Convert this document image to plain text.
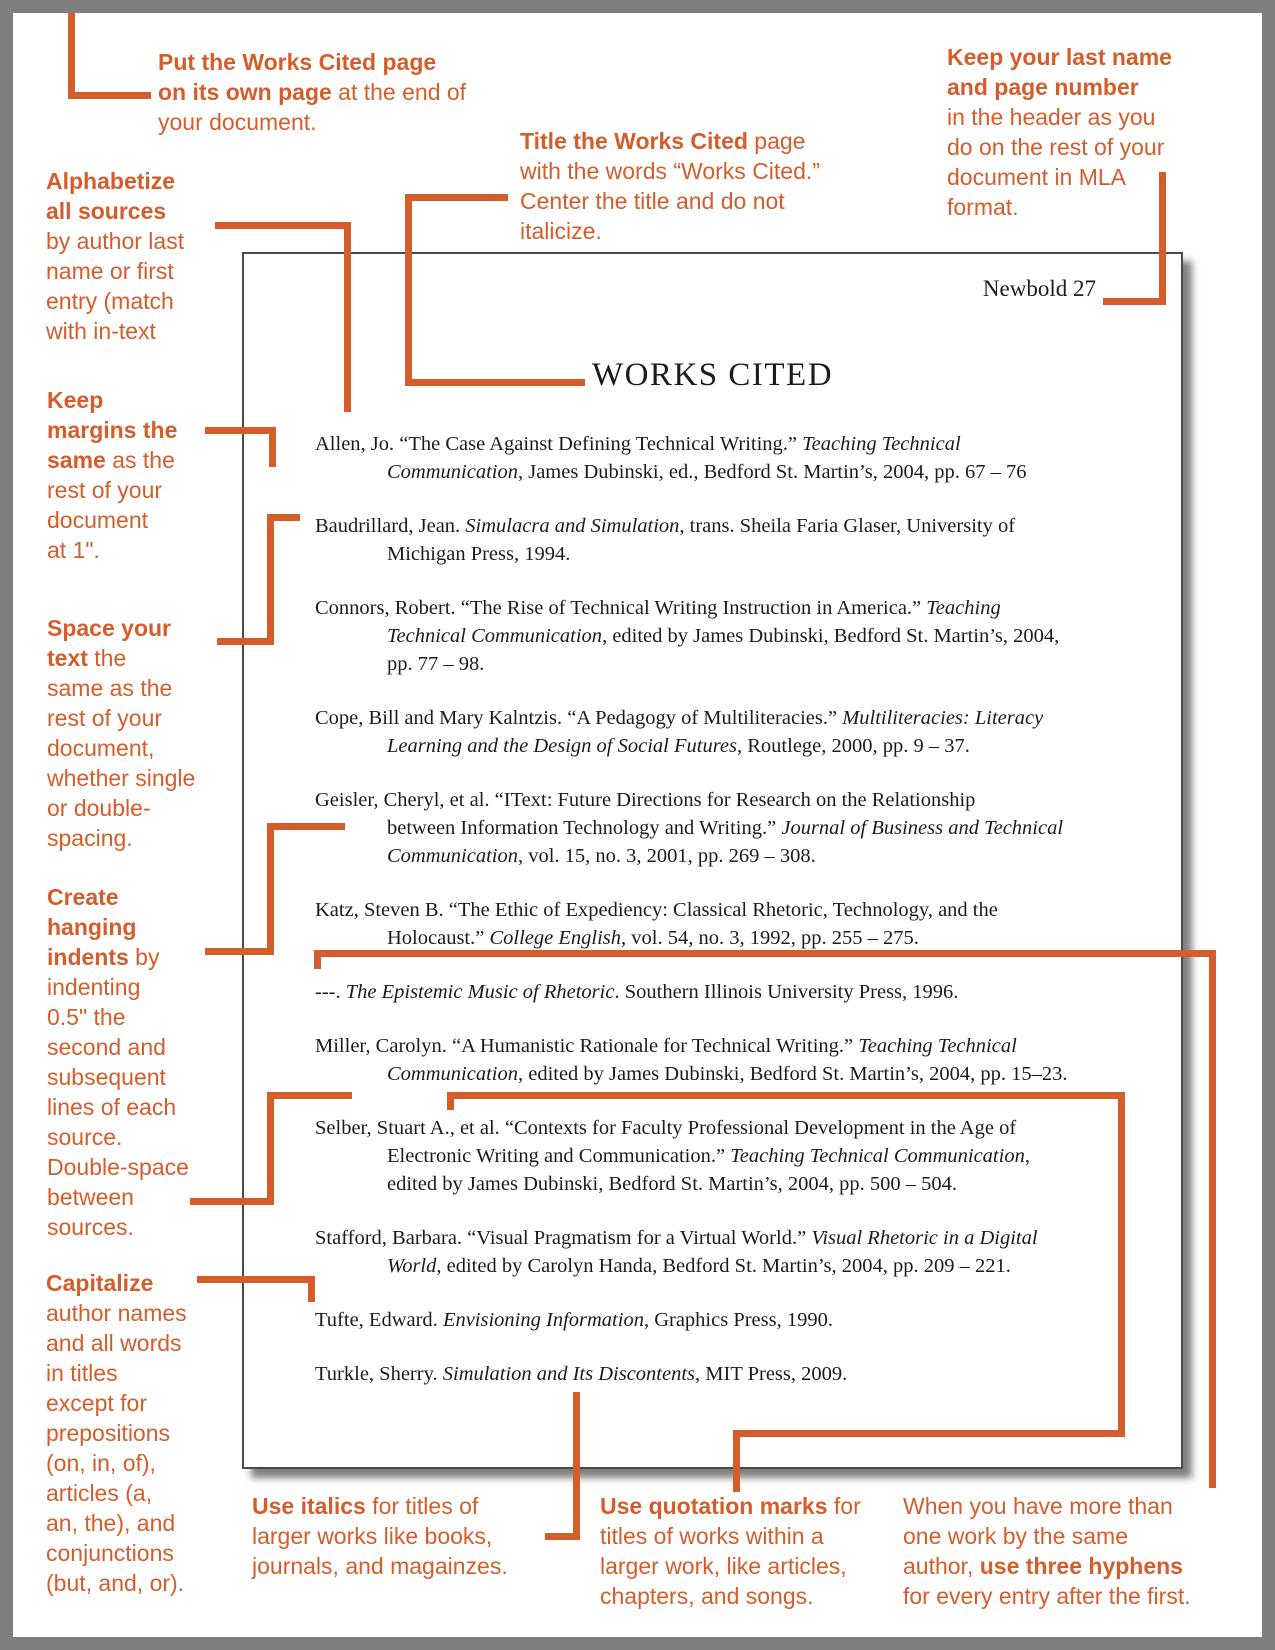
Newbold 27
WORKS CITED
Allen, Jo. “The Case Against Defining Technical Writing.” Teaching Technical
Communication, James Dubinski, ed., Bedford St. Martin’s, 2004, pp. 67 – 76
Baudrillard, Jean. Simulacra and Simulation, trans. Sheila Faria Glaser, University of
Michigan Press, 1994.
Connors, Robert. “The Rise of Technical Writing Instruction in America.” Teaching
Technical Communication, edited by James Dubinski, Bedford St. Martin’s, 2004,
pp. 77 – 98.
Cope, Bill and Mary Kalntzis. “A Pedagogy of Multiliteracies.” Multiliteracies: Literacy
Learning and the Design of Social Futures, Routlege, 2000, pp. 9 – 37.
Geisler, Cheryl, et al. “IText: Future Directions for Research on the Relationship
between Information Technology and Writing.” Journal of Business and Technical
Communication, vol. 15, no. 3, 2001, pp. 269 – 308.
Katz, Steven B. “The Ethic of Expediency: Classical Rhetoric, Technology, and the
Holocaust.” College English, vol. 54, no. 3, 1992, pp. 255 – 275.
---. The Epistemic Music of Rhetoric. Southern Illinois University Press, 1996.
Miller, Carolyn. “A Humanistic Rationale for Technical Writing.” Teaching Technical
Communication, edited by James Dubinski, Bedford St. Martin’s, 2004, pp. 15–23.
Selber, Stuart A., et al. “Contexts for Faculty Professional Development in the Age of
Electronic Writing and Communication.” Teaching Technical Communication,
edited by James Dubinski, Bedford St. Martin’s, 2004, pp. 500 – 504.
Stafford, Barbara. “Visual Pragmatism for a Virtual World.” Visual Rhetoric in a Digital
World, edited by Carolyn Handa, Bedford St. Martin’s, 2004, pp. 209 – 221.
Tufte, Edward. Envisioning Information, Graphics Press, 1990.
Turkle, Sherry. Simulation and Its Discontents, MIT Press, 2009.
Put the Works Cited page
on its own page at the end of
your document.
Title the Works Cited page
with the words “Works Cited.”
Center the title and do not
italicize.
Keep your last name
and page number
in the header as you
do on the rest of your
document in MLA
format.
Alphabetize
all sources
by author last
name or first
entry (match
with in-text
Keep
margins the
same as the
rest of your
document
at 1".
Space your
text the
same as the
rest of your
document,
whether single
or double-
spacing.
Create
hanging
indents by
indenting
0.5" the
second and
subsequent
lines of each
source.
Double-space
between
sources.
Capitalize
author names
and all words
in titles
except for
prepositions
(on, in, of),
articles (a,
an, the), and
conjunctions
(but, and, or).
Use italics for titles of
larger works like books,
journals, and magainzes.
Use quotation marks for
titles of works within a
larger work, like articles,
chapters, and songs.
When you have more than
one work by the same
author, use three hyphens
for every entry after the first.
